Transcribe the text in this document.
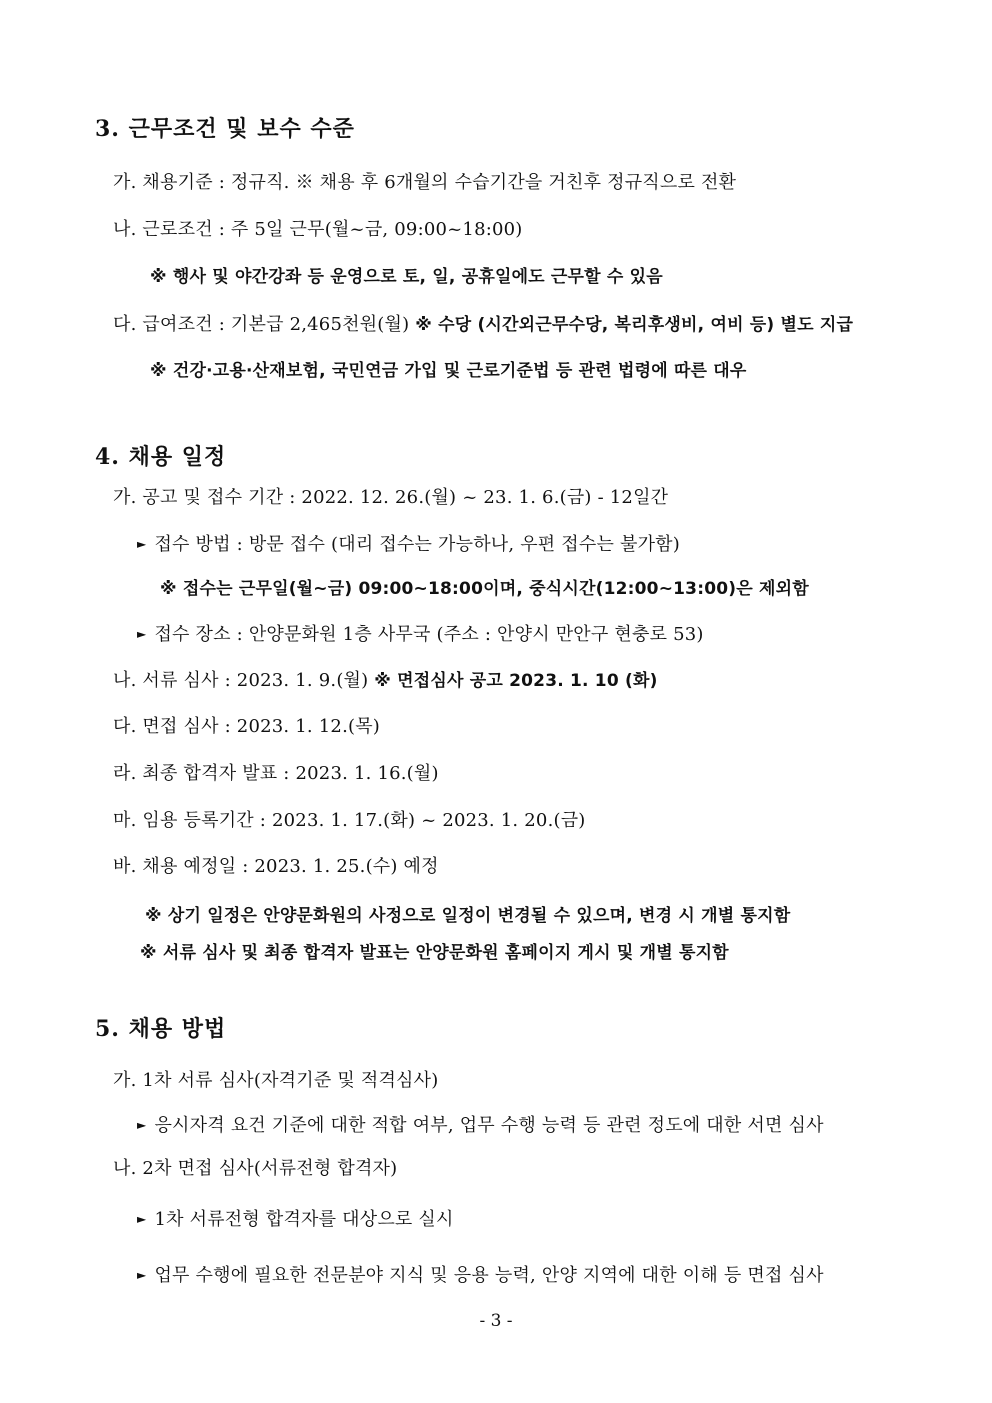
3. 근무조건 및 보수 수준
가. 채용기준 : 정규직. ※ 채용 후 6개월의 수습기간을 거친후 정규직으로 전환
나. 근로조건 : 주 5일 근무(월~금, 09:00~18:00)
※ 행사 및 야간강좌 등 운영으로 토, 일, 공휴일에도 근무할 수 있음
다. 급여조건 : 기본급 2,465천원(월) ※ 수당 (시간외근무수당, 복리후생비, 여비 등) 별도 지급
※ 건강·고용·산재보험, 국민연금 가입 및 근로기준법 등 관련 법령에 따른 대우
4. 채용 일정
가. 공고 및 접수 기간 : 2022. 12. 26.(월) ~ 23. 1. 6.(금) - 12일간
► 접수 방법 : 방문 접수 (대리 접수는 가능하나, 우편 접수는 불가함)
※ 접수는 근무일(월~금) 09:00~18:00이며, 중식시간(12:00~13:00)은 제외함
► 접수 장소 : 안양문화원 1층 사무국 (주소 : 안양시 만안구 현충로 53)
나. 서류 심사 : 2023. 1. 9.(월) ※ 면접심사 공고 2023. 1. 10 (화)
다. 면접 심사 : 2023. 1. 12.(목)
라. 최종 합격자 발표 : 2023. 1. 16.(월)
마. 임용 등록기간 : 2023. 1. 17.(화) ~ 2023. 1. 20.(금)
바. 채용 예정일 : 2023. 1. 25.(수) 예정
※ 상기 일정은 안양문화원의 사정으로 일정이 변경될 수 있으며, 변경 시 개별 통지함
※ 서류 심사 및 최종 합격자 발표는 안양문화원 홈페이지 게시 및 개별 통지함
5. 채용 방법
가. 1차 서류 심사(자격기준 및 적격심사)
► 응시자격 요건 기준에 대한 적합 여부, 업무 수행 능력 등 관련 정도에 대한 서면 심사
나. 2차 면접 심사(서류전형 합격자)
► 1차 서류전형 합격자를 대상으로 실시
► 업무 수행에 필요한 전문분야 지식 및 응용 능력, 안양 지역에 대한 이해 등 면접 심사
- 3 -
